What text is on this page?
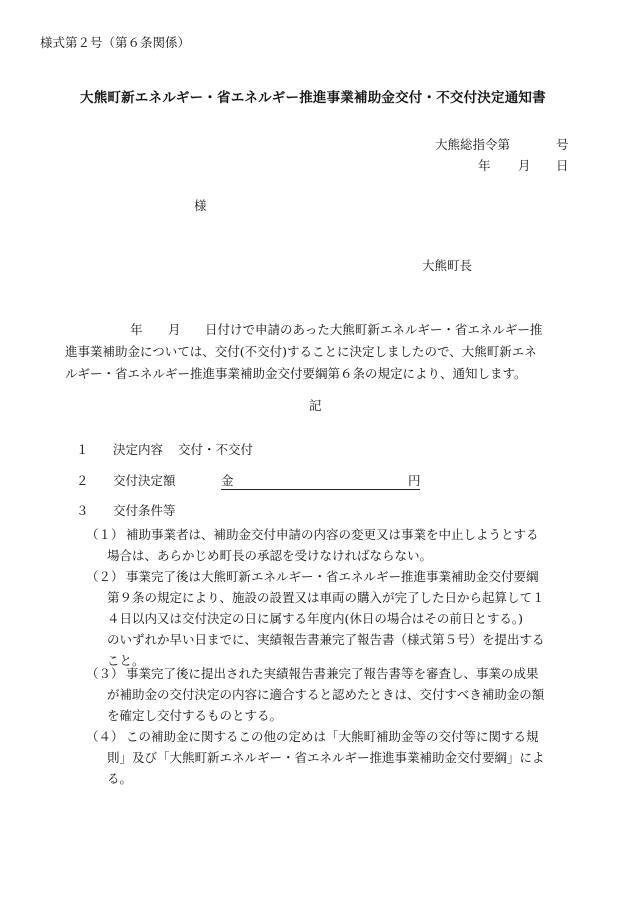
様式第２号（第６条関係）
大熊町新エネルギー・省エネルギー推進事業補助金交付・不交付決定通知書
大熊総指令第	号
年 月 日
様
大熊町長
年 月 日付けで申請のあった大熊町新エネルギー・省エネルギー推
進事業補助金については、交付(不交付)することに決定しましたので、大熊町新エネ
ルギー・省エネルギー推進事業補助金交付要綱第６条の規定により、通知します。
記
１ 決定内容 交付・不交付
２ 交付決定額	金	円
３ 交付条件等
（１） 補助事業者は、補助金交付申請の内容の変更又は事業を中止しようとする
場合は、あらかじめ町長の承認を受けなければならない。
（２） 事業完了後は大熊町新エネルギー・省エネルギー推進事業補助金交付要綱
第９条の規定により、施設の設置又は車両の購入が完了した日から起算して１
４日以内又は交付決定の日に属する年度内(休日の場合はその前日とする。)
のいずれか早い日までに、実績報告書兼完了報告書（様式第５号）を提出する
こと。
（３） 事業完了後に提出された実績報告書兼完了報告書等を審査し、事業の成果
が補助金の交付決定の内容に適合すると認めたときは、交付すべき補助金の額
を確定し交付するものとする。
（４） この補助金に関するこの他の定めは「大熊町補助金等の交付等に関する規
則」及び「大熊町新エネルギー・省エネルギー推進事業補助金交付要綱」によ
る。
